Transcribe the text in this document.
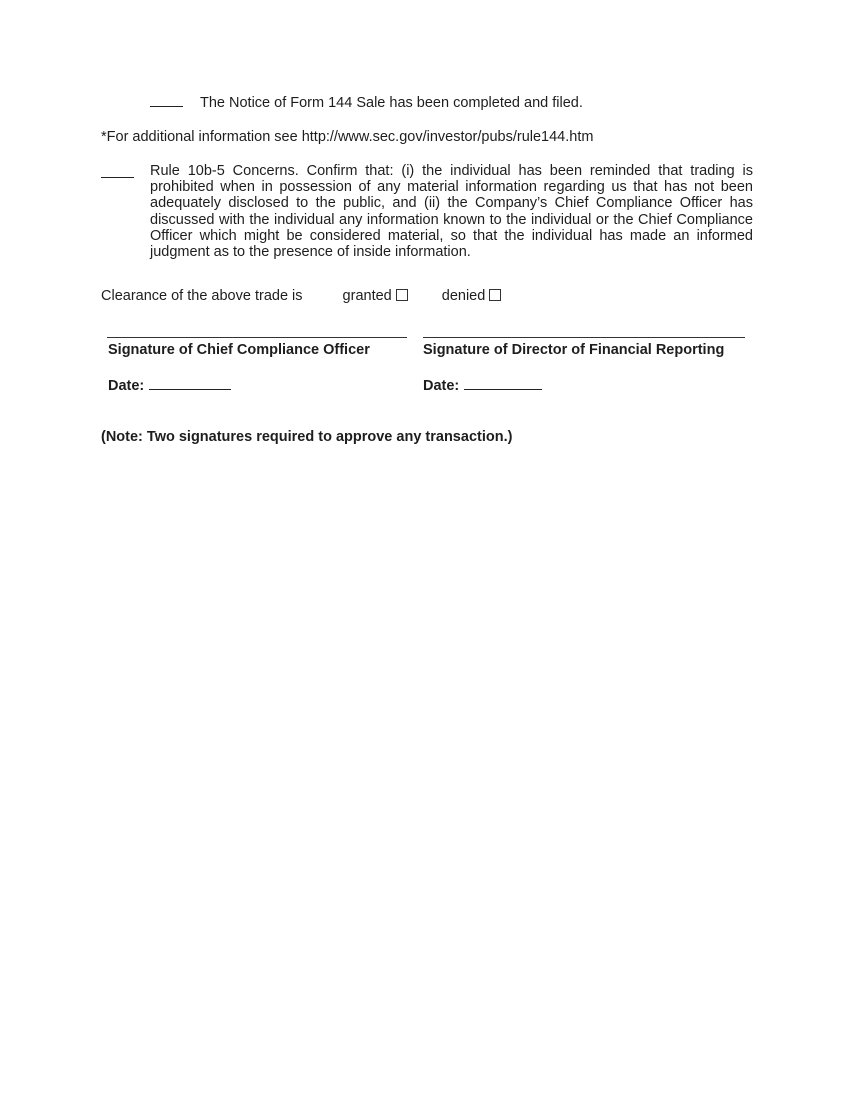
The Notice of Form 144 Sale has been completed and filed.
*For additional information see http://www.sec.gov/investor/pubs/rule144.htm
Rule 10b-5 Concerns. Confirm that: (i) the individual has been reminded that trading is prohibited when in possession of any material information regarding us that has not been adequately disclosed to the public, and (ii) the Company’s Chief Compliance Officer has discussed with the individual any information known to the individual or the Chief Compliance Officer which might be considered material, so that the individual has made an informed judgment as to the presence of inside information.
Clearance of the above trade is	granted	denied
Signature of Chief Compliance Officer	Signature of Director of Financial Reporting
Date:	Date:
(Note: Two signatures required to approve any transaction.)
